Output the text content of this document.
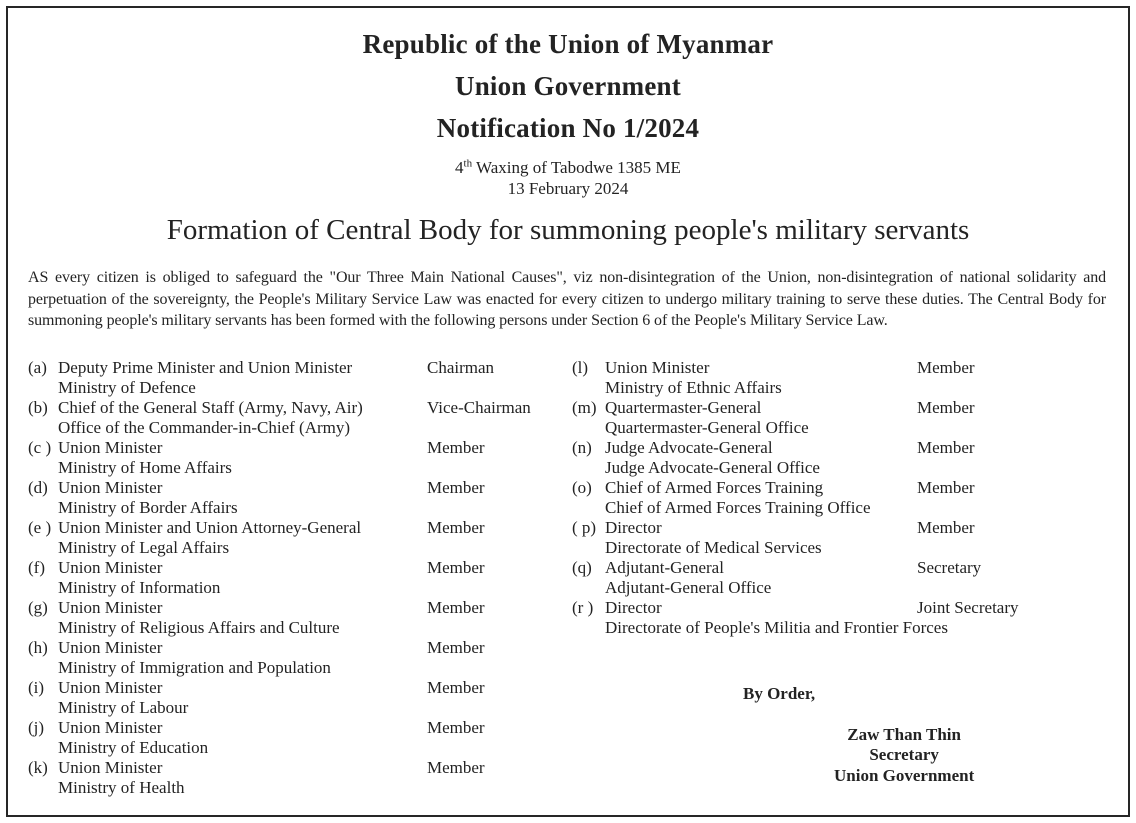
Republic of the Union of Myanmar
Union Government
Notification No 1/2024
4th Waxing of Tabodwe 1385 ME
13 February 2024
Formation of Central Body for summoning people's military servants

AS every citizen is obliged to safeguard the "Our Three Main National Causes", viz non-disintegration of the Union, non-disintegration of national solidarity and perpetuation of the sovereignty, the People's Military Service Law was enacted for every citizen to undergo military training to serve these duties. The Central Body for summoning people's military servants has been formed with the following persons under Section 6 of the People's Military Service Law.

(a) Deputy Prime Minister and Union Minister	Chairman
Ministry of Defence
(b) Chief of the General Staff (Army, Navy, Air)	Vice-Chairman
Office of the Commander-in-Chief (Army)
(c ) Union Minister	Member
Ministry of Home Affairs
(d) Union Minister	Member
Ministry of Border Affairs
(e ) Union Minister and Union Attorney-General	Member
Ministry of Legal Affairs
(f) Union Minister	Member
Ministry of Information
(g) Union Minister	Member
Ministry of Religious Affairs and Culture
(h) Union Minister	Member
Ministry of Immigration and Population
(i) Union Minister	Member
Ministry of Labour
(j) Union Minister	Member
Ministry of Education
(k) Union Minister	Member
Ministry of Health
(l) Union Minister	Member
Ministry of Ethnic Affairs
(m) Quartermaster-General	Member
Quartermaster-General Office
(n) Judge Advocate-General	Member
Judge Advocate-General Office
(o) Chief of Armed Forces Training	Member
Chief of Armed Forces Training Office
( p) Director	Member
Directorate of Medical Services
(q) Adjutant-General	Secretary
Adjutant-General Office
(r ) Director	Joint Secretary
Directorate of People's Militia and Frontier Forces
By Order,
Zaw Than Thin
Secretary
Union Government
